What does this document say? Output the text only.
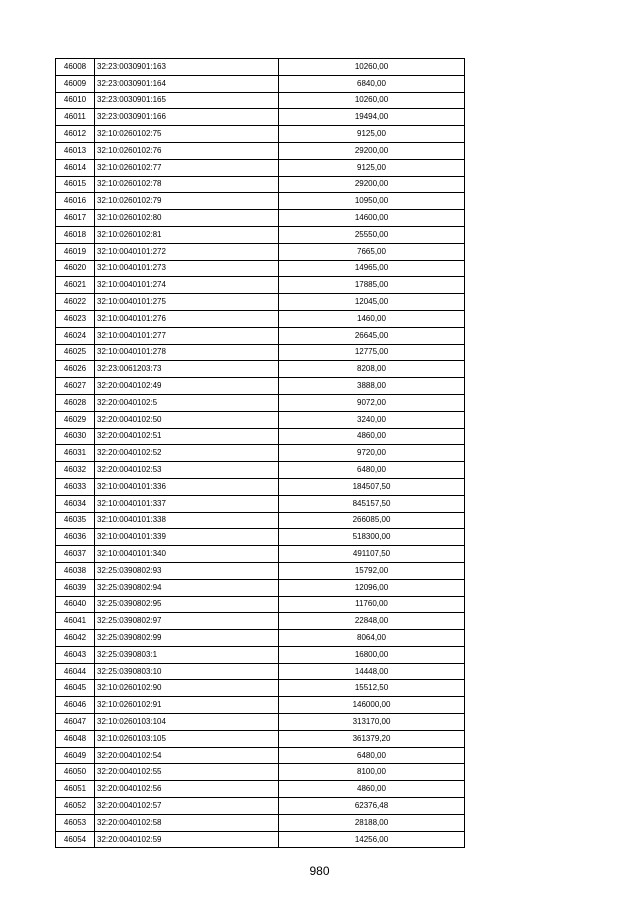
46008	32:23:0030901:163	10260,00
46009	32:23:0030901:164	6840,00
46010	32:23:0030901:165	10260,00
46011	32:23:0030901:166	19494,00
46012	32:10:0260102:75	9125,00
46013	32:10:0260102:76	29200,00
46014	32:10:0260102:77	9125,00
46015	32:10:0260102:78	29200,00
46016	32:10:0260102:79	10950,00
46017	32:10:0260102:80	14600,00
46018	32:10:0260102:81	25550,00
46019	32:10:0040101:272	7665,00
46020	32:10:0040101:273	14965,00
46021	32:10:0040101:274	17885,00
46022	32:10:0040101:275	12045,00
46023	32:10:0040101:276	1460,00
46024	32:10:0040101:277	26645,00
46025	32:10:0040101:278	12775,00
46026	32:23:0061203:73	8208,00
46027	32:20:0040102:49	3888,00
46028	32:20:0040102:5	9072,00
46029	32:20:0040102:50	3240,00
46030	32:20:0040102:51	4860,00
46031	32:20:0040102:52	9720,00
46032	32:20:0040102:53	6480,00
46033	32:10:0040101:336	184507,50
46034	32:10:0040101:337	845157,50
46035	32:10:0040101:338	266085,00
46036	32:10:0040101:339	518300,00
46037	32:10:0040101:340	491107,50
46038	32:25:0390802:93	15792,00
46039	32:25:0390802:94	12096,00
46040	32:25:0390802:95	11760,00
46041	32:25:0390802:97	22848,00
46042	32:25:0390802:99	8064,00
46043	32:25:0390803:1	16800,00
46044	32:25:0390803:10	14448,00
46045	32:10:0260102:90	15512,50
46046	32:10:0260102:91	146000,00
46047	32:10:0260103:104	313170,00
46048	32:10:0260103:105	361379,20
46049	32:20:0040102:54	6480,00
46050	32:20:0040102:55	8100,00
46051	32:20:0040102:56	4860,00
46052	32:20:0040102:57	62376,48
46053	32:20:0040102:58	28188,00
46054	32:20:0040102:59	14256,00
980
